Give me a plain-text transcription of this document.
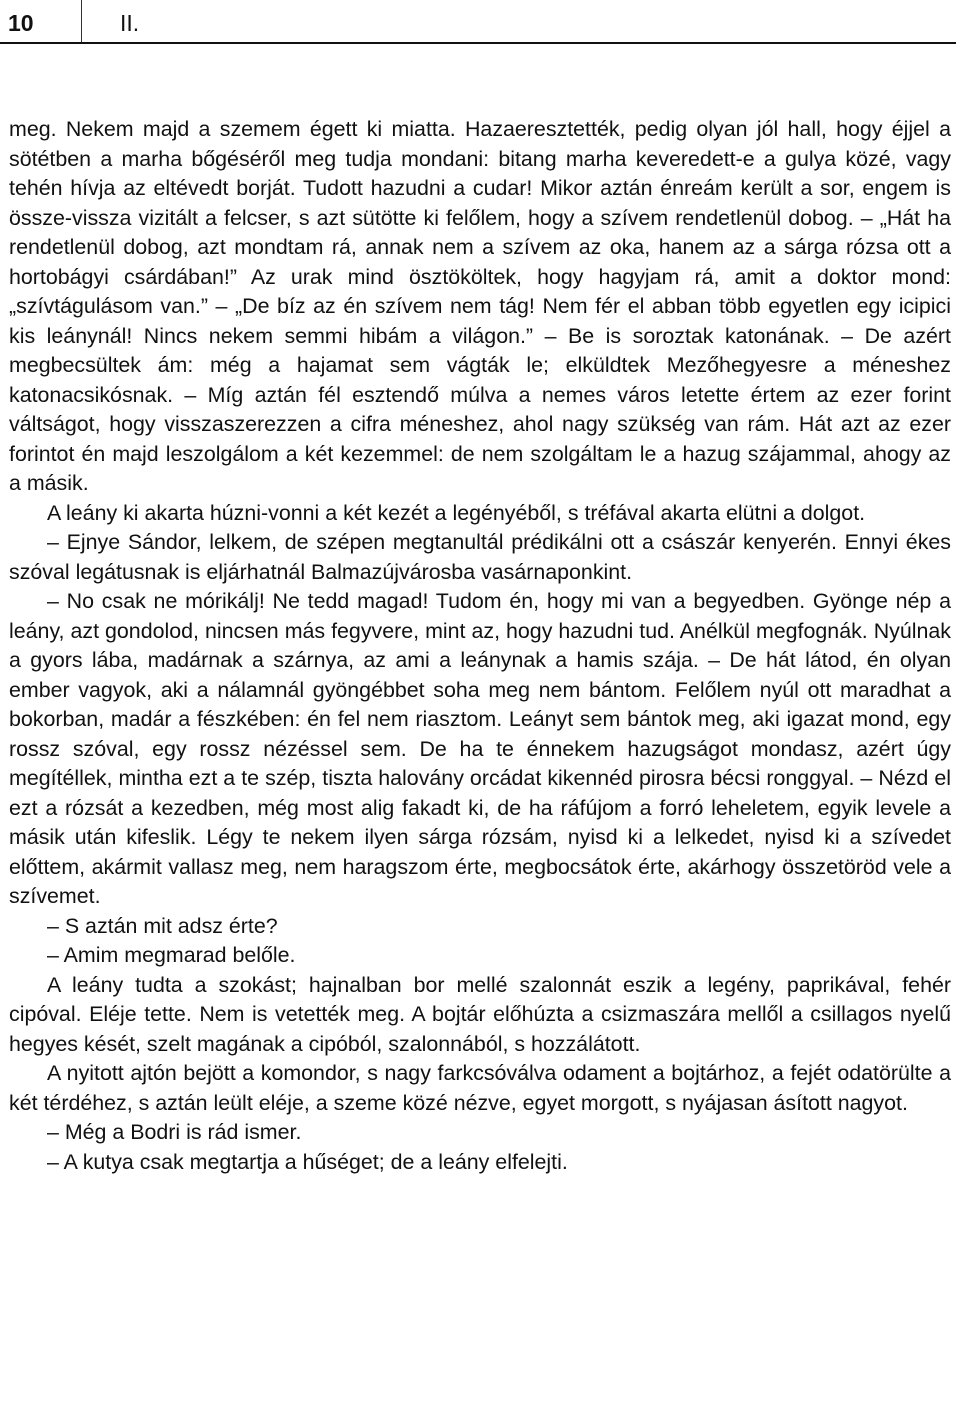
10	II.

meg. Nekem majd a szemem égett ki miatta. Hazaeresztették, pedig olyan jól hall, hogy éjjel a sötétben a marha bőgéséről meg tudja mondani: bitang marha keveredett-e a gulya közé, vagy tehén hívja az eltévedt borját. Tudott hazudni a cudar! Mikor aztán énreám került a sor, engem is össze-vissza vizitált a felcser, s azt sütötte ki felőlem, hogy a szívem rendetlenül dobog. – „Hát ha rendetlenül dobog, azt mondtam rá, annak nem a szívem az oka, hanem az a sárga rózsa ott a hortobágyi csárdában!” Az urak mind ösztököltek, hogy hagyjam rá, amit a doktor mond: „szívtágulásom van.” – „De bíz az én szívem nem tág! Nem fér el abban több egyetlen egy icipici kis leánynál! Nincs nekem semmi hibám a világon.” – Be is soroztak katonának. – De azért megbecsültek ám: még a hajamat sem vágták le; elküldtek Mezőhegyesre a méneshez katonacsikósnak. – Míg aztán fél esztendő múlva a nemes város letette értem az ezer forint váltságot, hogy visszaszerezzen a cifra méneshez, ahol nagy szükség van rám. Hát azt az ezer forintot én majd leszolgálom a két kezemmel: de nem szolgáltam le a hazug szájammal, ahogy az a másik.

A leány ki akarta húzni-vonni a két kezét a legényéből, s tréfával akarta elütni a dolgot.

– Ejnye Sándor, lelkem, de szépen megtanultál prédikálni ott a császár kenyerén. Ennyi ékes szóval legátusnak is eljárhatnál Balmazújvárosba vasárnaponkint.

– No csak ne mórikálj! Ne tedd magad! Tudom én, hogy mi van a begyedben. Gyönge nép a leány, azt gondolod, nincsen más fegyvere, mint az, hogy hazudni tud. Anélkül megfognák. Nyúlnak a gyors lába, madárnak a szárnya, az ami a leánynak a hamis szája. – De hát látod, én olyan ember vagyok, aki a nálamnál gyöngébbet soha meg nem bántom. Felőlem nyúl ott maradhat a bokorban, madár a fészkében: én fel nem riasztom. Leányt sem bántok meg, aki igazat mond, egy rossz szóval, egy rossz nézéssel sem. De ha te énnekem hazugságot mondasz, azért úgy megítéllek, mintha ezt a te szép, tiszta halovány orcádat kikennéd pirosra bécsi ronggyal. – Nézd el ezt a rózsát a kezedben, még most alig fakadt ki, de ha ráfújom a forró leheletem, egyik levele a másik után kifeslik. Légy te nekem ilyen sárga rózsám, nyisd ki a lelkedet, nyisd ki a szívedet előttem, akármit vallasz meg, nem haragszom érte, megbocsátok érte, akárhogy összetöröd vele a szívemet.

– S aztán mit adsz érte?

– Amim megmarad belőle.

A leány tudta a szokást; hajnalban bor mellé szalonnát eszik a legény, paprikával, fehér cipóval. Eléje tette. Nem is vetették meg. A bojtár előhúzta a csizmaszára mellől a csillagos nyelű hegyes kését, szelt magának a cipóból, szalonnából, s hozzálátott.

A nyitott ajtón bejött a komondor, s nagy farkcsóválva odament a bojtárhoz, a fejét odatörülte a két térdéhez, s aztán leült eléje, a szeme közé nézve, egyet morgott, s nyájasan ásított nagyot.

– Még a Bodri is rád ismer.

– A kutya csak megtartja a hűséget; de a leány elfelejti.
